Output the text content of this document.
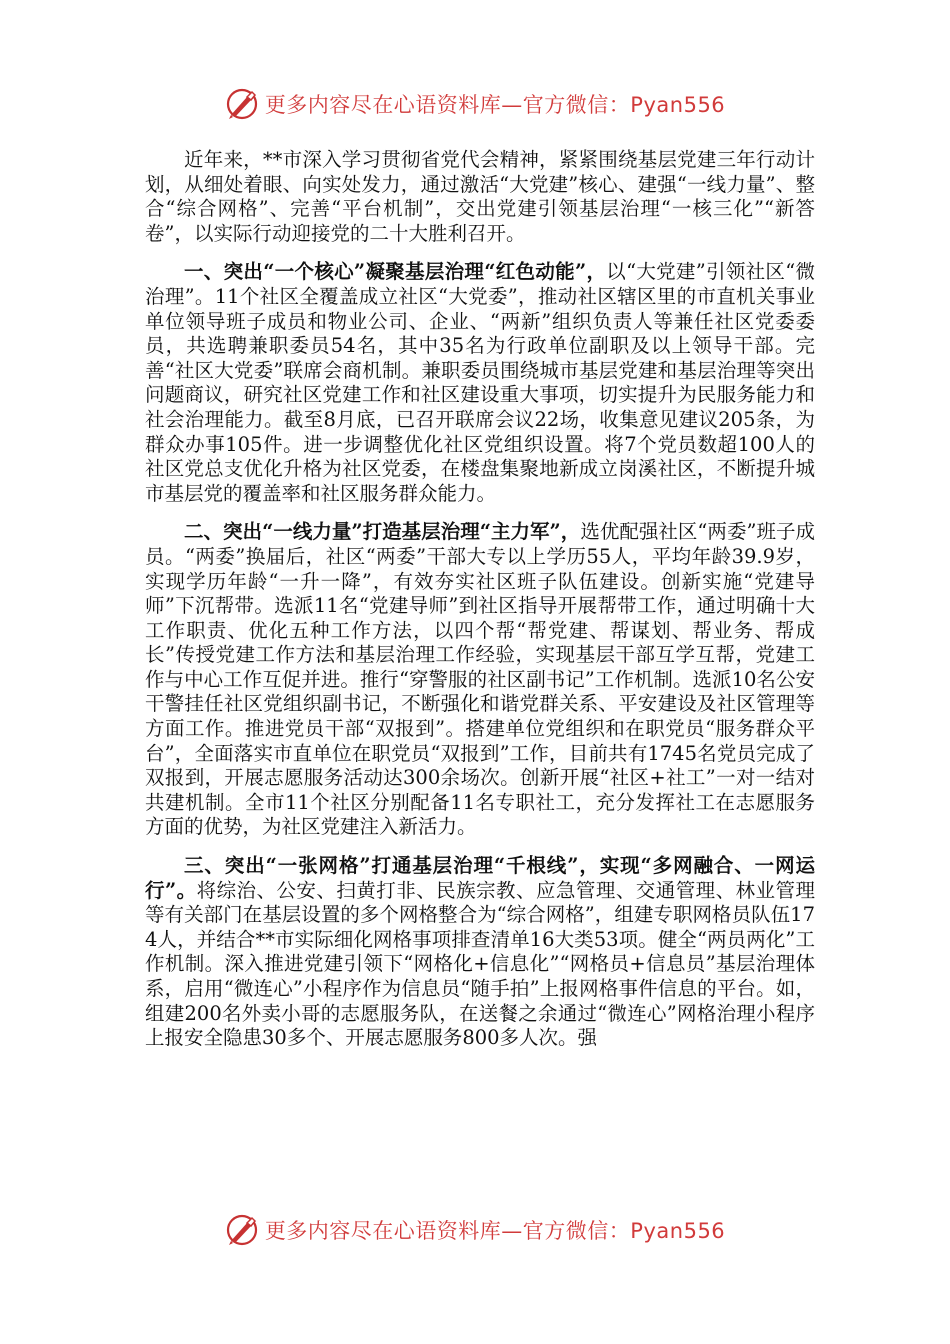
更多内容尽在心语资料库—官方微信：Pyan556

近年来，**市深入学习贯彻省党代会精神，紧紧围绕基层党建三年行动计划，从细处着眼、向实处发力，通过激活“大党建”核心、建强“一线力量”、整合“综合网格”、完善“平台机制”，交出党建引领基层治理“一核三化”“新答卷”，以实际行动迎接党的二十大胜利召开。

一、突出“一个核心”凝聚基层治理“红色动能”，以“大党建”引领社区“微治理”。11个社区全覆盖成立社区“大党委”，推动社区辖区里的市直机关事业单位领导班子成员和物业公司、企业、“两新”组织负责人等兼任社区党委委员，共选聘兼职委员54名，其中35名为行政单位副职及以上领导干部。完善“社区大党委”联席会商机制。兼职委员围绕城市基层党建和基层治理等突出问题商议，研究社区党建工作和社区建设重大事项，切实提升为民服务能力和社会治理能力。截至8月底，已召开联席会议22场，收集意见建议205条，为群众办事105件。进一步调整优化社区党组织设置。将7个党员数超100人的社区党总支优化升格为社区党委，在楼盘集聚地新成立岗溪社区，不断提升城市基层党的覆盖率和社区服务群众能力。

二、突出“一线力量”打造基层治理“主力军”，选优配强社区“两委”班子成员。“两委”换届后，社区“两委”干部大专以上学历55人，平均年龄39.9岁，实现学历年龄“一升一降”，有效夯实社区班子队伍建设。创新实施“党建导师”下沉帮带。选派11名“党建导师”到社区指导开展帮带工作，通过明确十大工作职责、优化五种工作方法，以四个帮“帮党建、帮谋划、帮业务、帮成长”传授党建工作方法和基层治理工作经验，实现基层干部互学互帮，党建工作与中心工作互促并进。推行“穿警服的社区副书记”工作机制。选派10名公安干警挂任社区党组织副书记，不断强化和谐党群关系、平安建设及社区管理等方面工作。推进党员干部“双报到”。搭建单位党组织和在职党员“服务群众平台”，全面落实市直单位在职党员“双报到”工作，目前共有1745名党员完成了双报到，开展志愿服务活动达300余场次。创新开展“社区+社工”一对一结对共建机制。全市11个社区分别配备11名专职社工，充分发挥社工在志愿服务方面的优势，为社区党建注入新活力。

三、突出“一张网格”打通基层治理“千根线”，实现“多网融合、一网运行”。将综治、公安、扫黄打非、民族宗教、应急管理、交通管理、林业管理等有关部门在基层设置的多个网格整合为“综合网格”，组建专职网格员队伍174人，并结合**市实际细化网格事项排查清单16大类53项。健全“两员两化”工作机制。深入推进党建引领下“网格化+信息化”“网格员+信息员”基层治理体系，启用“微连心”小程序作为信息员“随手拍”上报网格事件信息的平台。如，组建200名外卖小哥的志愿服务队，在送餐之余通过“微连心”网格治理小程序上报安全隐患30多个、开展志愿服务800多人次。强

更多内容尽在心语资料库—官方微信：Pyan556
